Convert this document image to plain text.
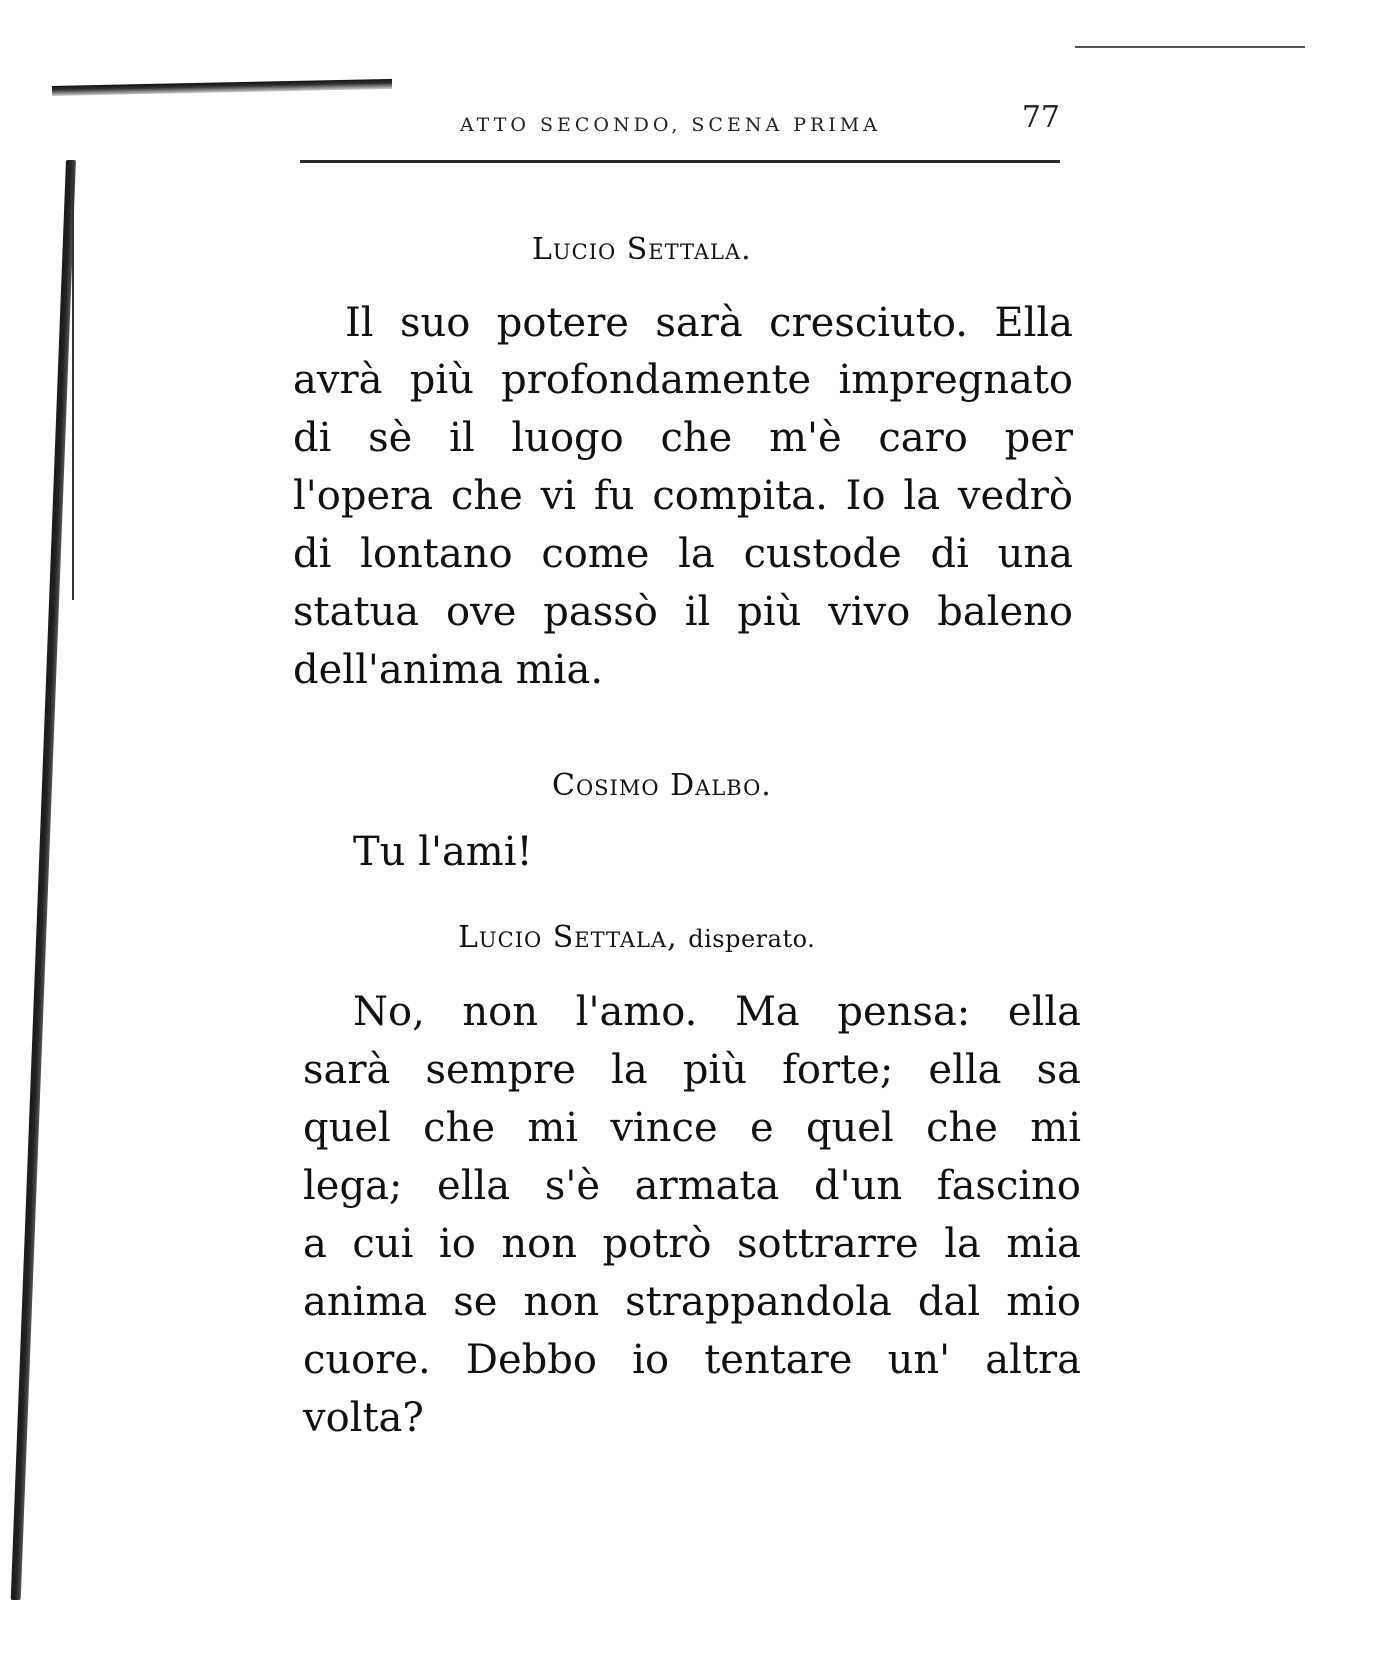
ATTO SECONDO, SCENA PRIMA	77
Lucio Settala.
Il suo potere sarà cresciuto. Ella
avrà più profondamente impregnato
di sè il luogo che m'è caro per
l'opera che vi fu compita. Io la vedrò
di lontano come la custode di una
statua ove passò il più vivo baleno
dell'anima mia.
Cosimo Dalbo.
Tu l'ami!
Lucio Settala, disperato.
No, non l'amo. Ma pensa: ella
sarà sempre la più forte; ella sa
quel che mi vince e quel che mi
lega; ella s'è armata d'un fascino
a cui io non potrò sottrarre la mia
anima se non strappandola dal mio
cuore. Debbo io tentare un' altra
volta?
